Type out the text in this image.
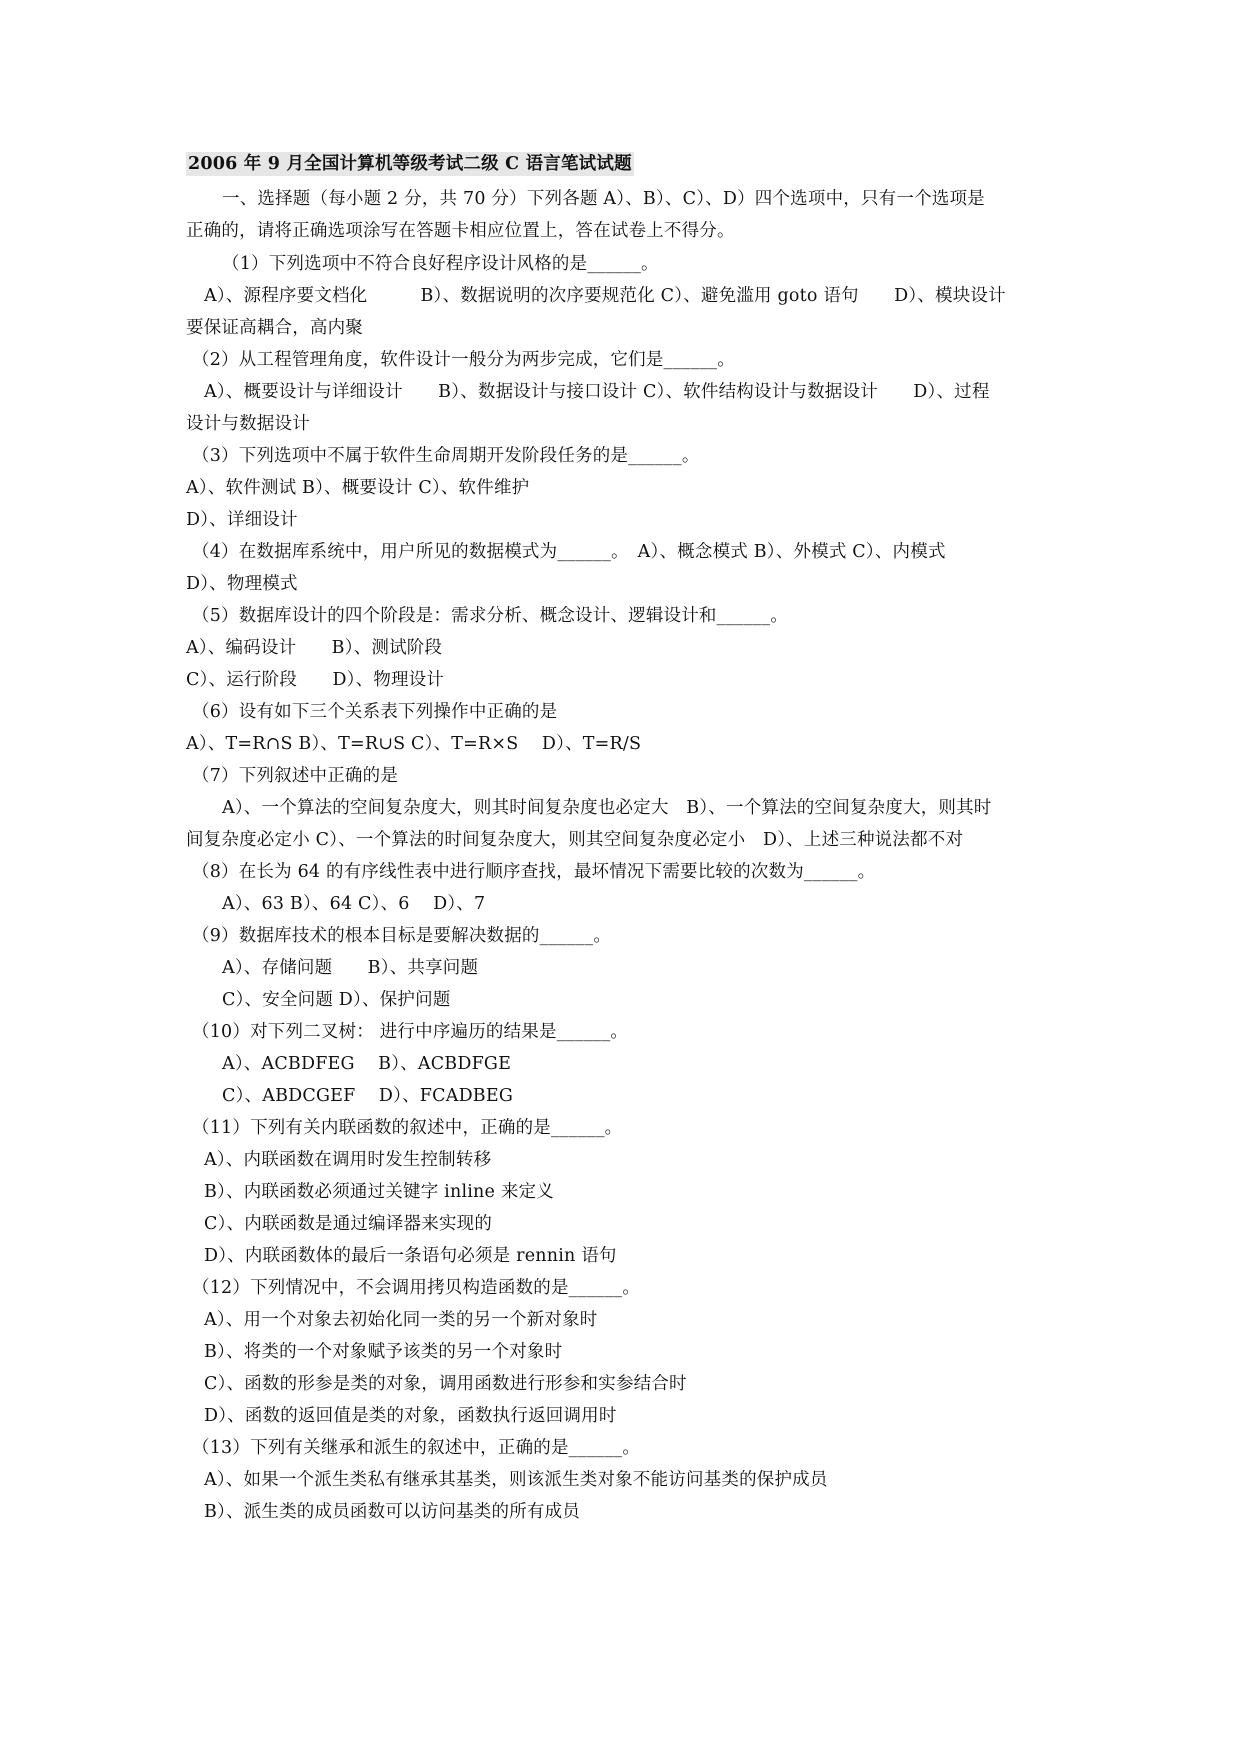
2006 年 9 月全国计算机等级考试二级 C 语言笔试试题
一、选择题（每小题 2 分，共 70 分）下列各题 A）、B）、C）、D）四个选项中，只有一个选项是
正确的，请将正确选项涂写在答题卡相应位置上，答在试卷上不得分。
（1）下列选项中不符合良好程序设计风格的是______。
A）、源程序要文档化　　　B）、数据说明的次序要规范化 C）、避免滥用 goto 语句　　D）、模块设计
要保证高耦合，高内聚
（2）从工程管理角度，软件设计一般分为两步完成，它们是______。
A）、概要设计与详细设计　　B）、数据设计与接口设计 C）、软件结构设计与数据设计　　D）、过程
设计与数据设计
（3）下列选项中不属于软件生命周期开发阶段任务的是______。
A）、软件测试 B）、概要设计 C）、软件维护
D）、详细设计
（4）在数据库系统中，用户所见的数据模式为______。　A）、概念模式 B）、外模式 C）、内模式
D）、物理模式
（5）数据库设计的四个阶段是：需求分析、概念设计、逻辑设计和______。
A）、编码设计　　B）、测试阶段
C）、运行阶段　　D）、物理设计
（6）设有如下三个关系表下列操作中正确的是
A）、T=R∩S B）、T=R∪S C）、T=R×S　 D）、T=R/S
（7）下列叙述中正确的是
A）、一个算法的空间复杂度大，则其时间复杂度也必定大　B）、一个算法的空间复杂度大，则其时
间复杂度必定小 C）、一个算法的时间复杂度大，则其空间复杂度必定小　D）、上述三种说法都不对
（8）在长为 64 的有序线性表中进行顺序查找，最坏情况下需要比较的次数为______。
A）、63 B）、64 C）、6　 D）、7
（9）数据库技术的根本目标是要解决数据的______。
A）、存储问题　　B）、共享问题
C）、安全问题 D）、保护问题
（10）对下列二叉树： 进行中序遍历的结果是______。
A）、ACBDFEG　 B）、ACBDFGE
C）、ABDCGEF　 D）、FCADBEG
（11）下列有关内联函数的叙述中，正确的是______。
A）、内联函数在调用时发生控制转移
B）、内联函数必须通过关键字 inline 来定义
C）、内联函数是通过编译器来实现的
D）、内联函数体的最后一条语句必须是 rennin 语句
（12）下列情况中，不会调用拷贝构造函数的是______。
A）、用一个对象去初始化同一类的另一个新对象时
B）、将类的一个对象赋予该类的另一个对象时
C）、函数的形参是类的对象，调用函数进行形参和实参结合时
D）、函数的返回值是类的对象，函数执行返回调用时
（13）下列有关继承和派生的叙述中，正确的是______。
A）、如果一个派生类私有继承其基类，则该派生类对象不能访问基类的保护成员
B）、派生类的成员函数可以访问基类的所有成员
